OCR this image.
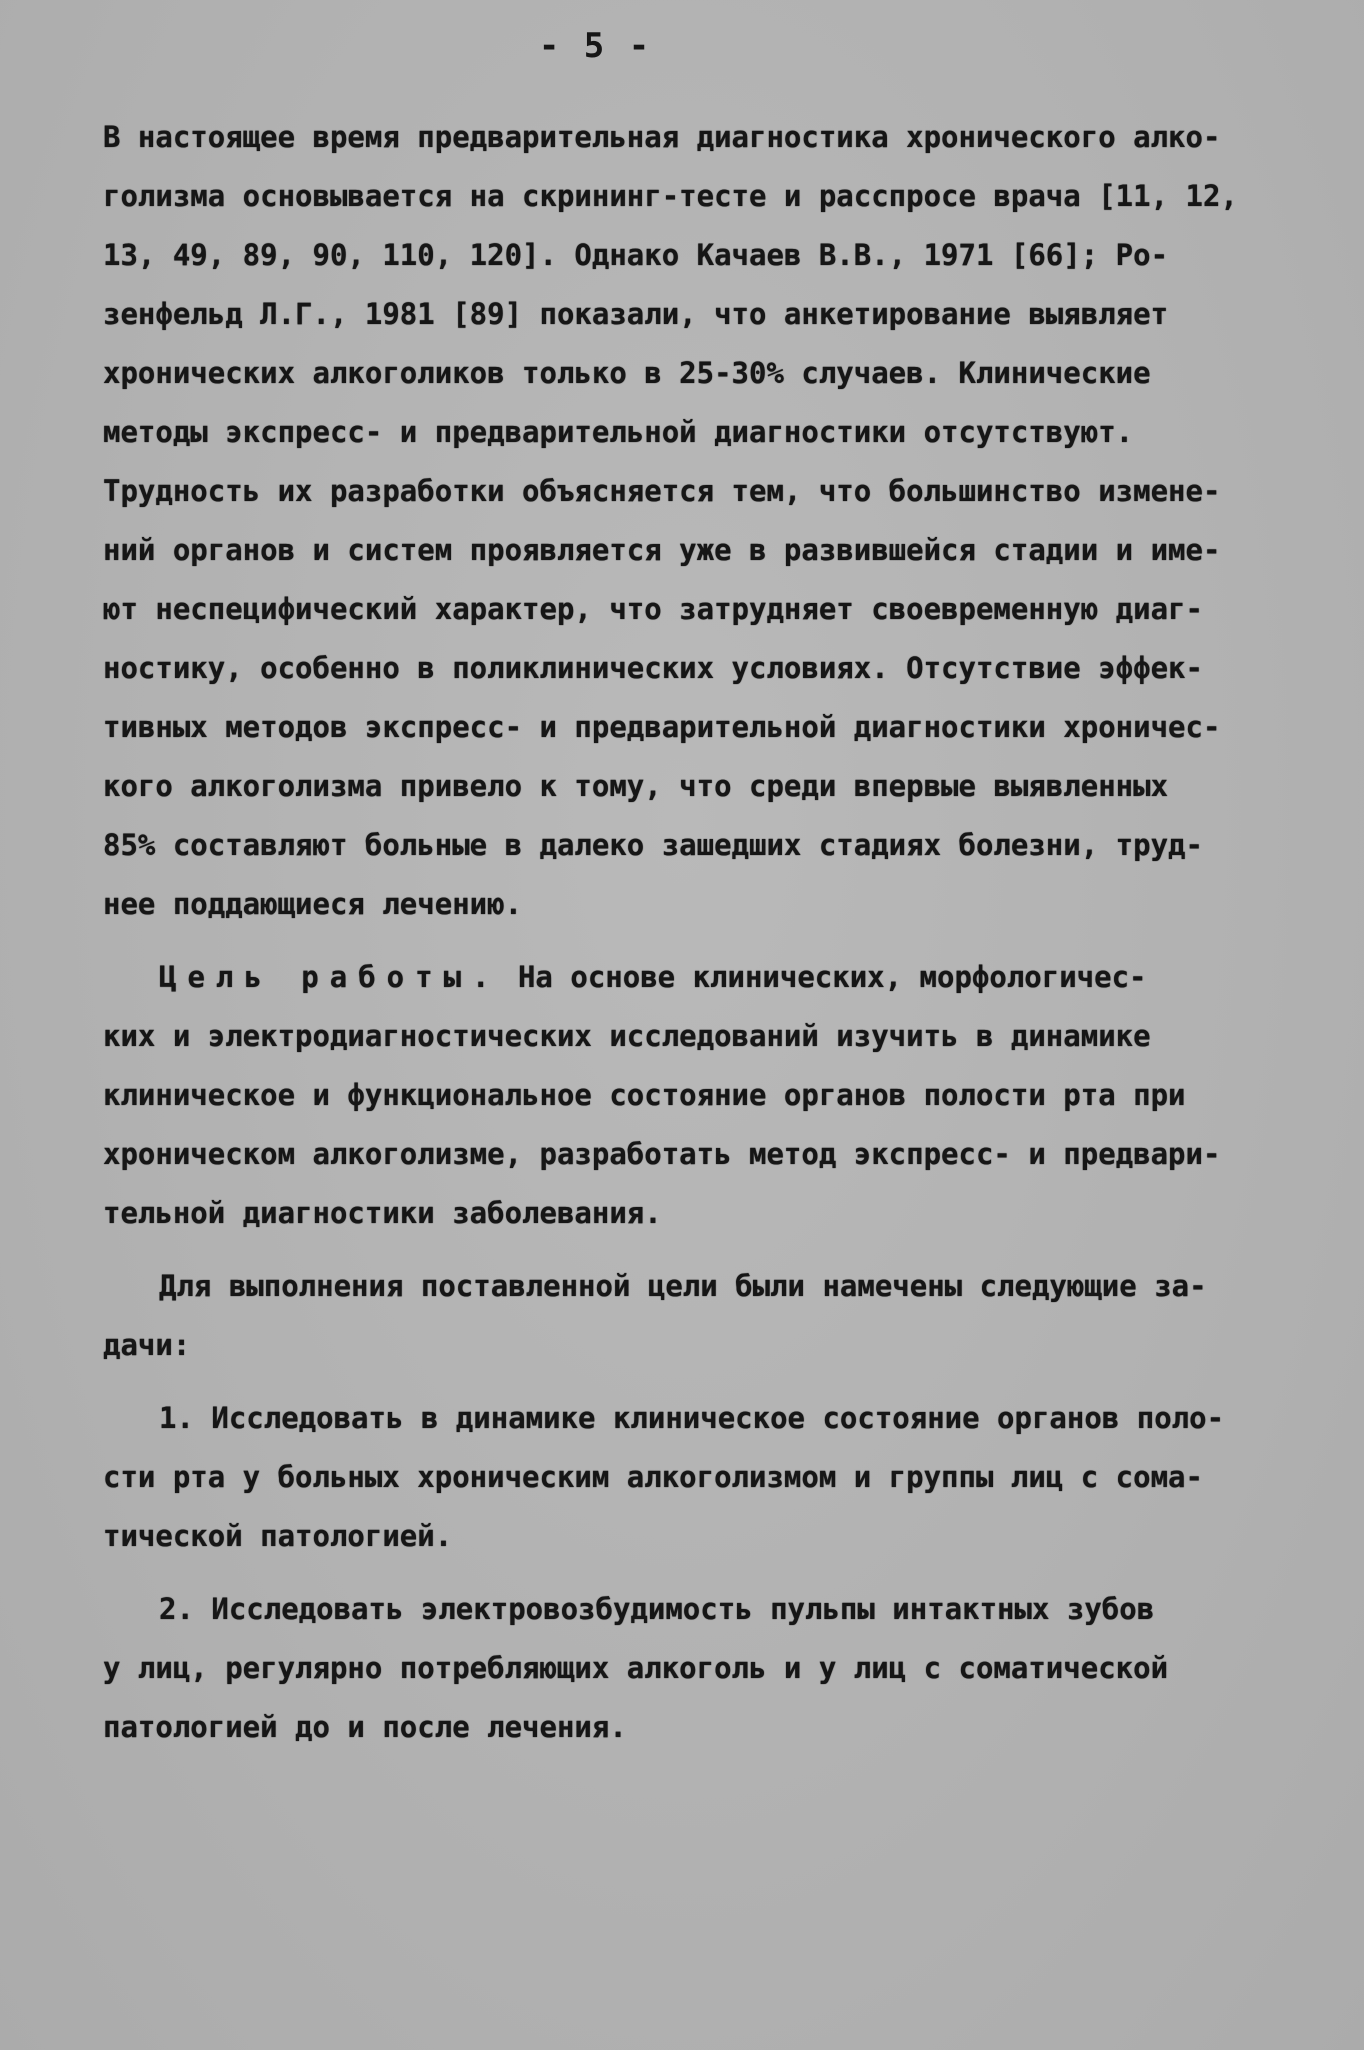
- 5 -
В настоящее время предварительная диагностика хронического алко-
голизма основывается на скрининг-тесте и расспросе врача [11, 12,
13, 49, 89, 90, 110, 120]. Однако Качаев В.В., 1971 [66]; Ро-
зенфельд Л.Г., 1981 [89] показали, что анкетирование выявляет
хронических алкоголиков только в 25-30% случаев. Клинические
методы экспресс- и предварительной диагностики отсутствуют.
Трудность их разработки объясняется тем, что большинство измене-
ний органов и систем проявляется уже в развившейся стадии и име-
ют неспецифический характер, что затрудняет своевременную диаг-
ностику, особенно в поликлинических условиях. Отсутствие эффек-
тивных методов экспресс- и предварительной диагностики хроничес-
кого алкоголизма привело к тому, что среди впервые выявленных
85% составляют больные в далеко зашедших стадиях болезни, труд-
нее поддающиеся лечению.
Цель работы. На основе клинических, морфологичес-
ких и электродиагностических исследований изучить в динамике
клиническое и функциональное состояние органов полости рта при
хроническом алкоголизме, разработать метод экспресс- и предвари-
тельной диагностики заболевания.
Для выполнения поставленной цели были намечены следующие за-
дачи:
1. Исследовать в динамике клиническое состояние органов поло-
сти рта у больных хроническим алкоголизмом и группы лиц с сома-
тической патологией.
2. Исследовать электровозбудимость пульпы интактных зубов
у лиц, регулярно потребляющих алкоголь и у лиц с соматической
патологией до и после лечения.
